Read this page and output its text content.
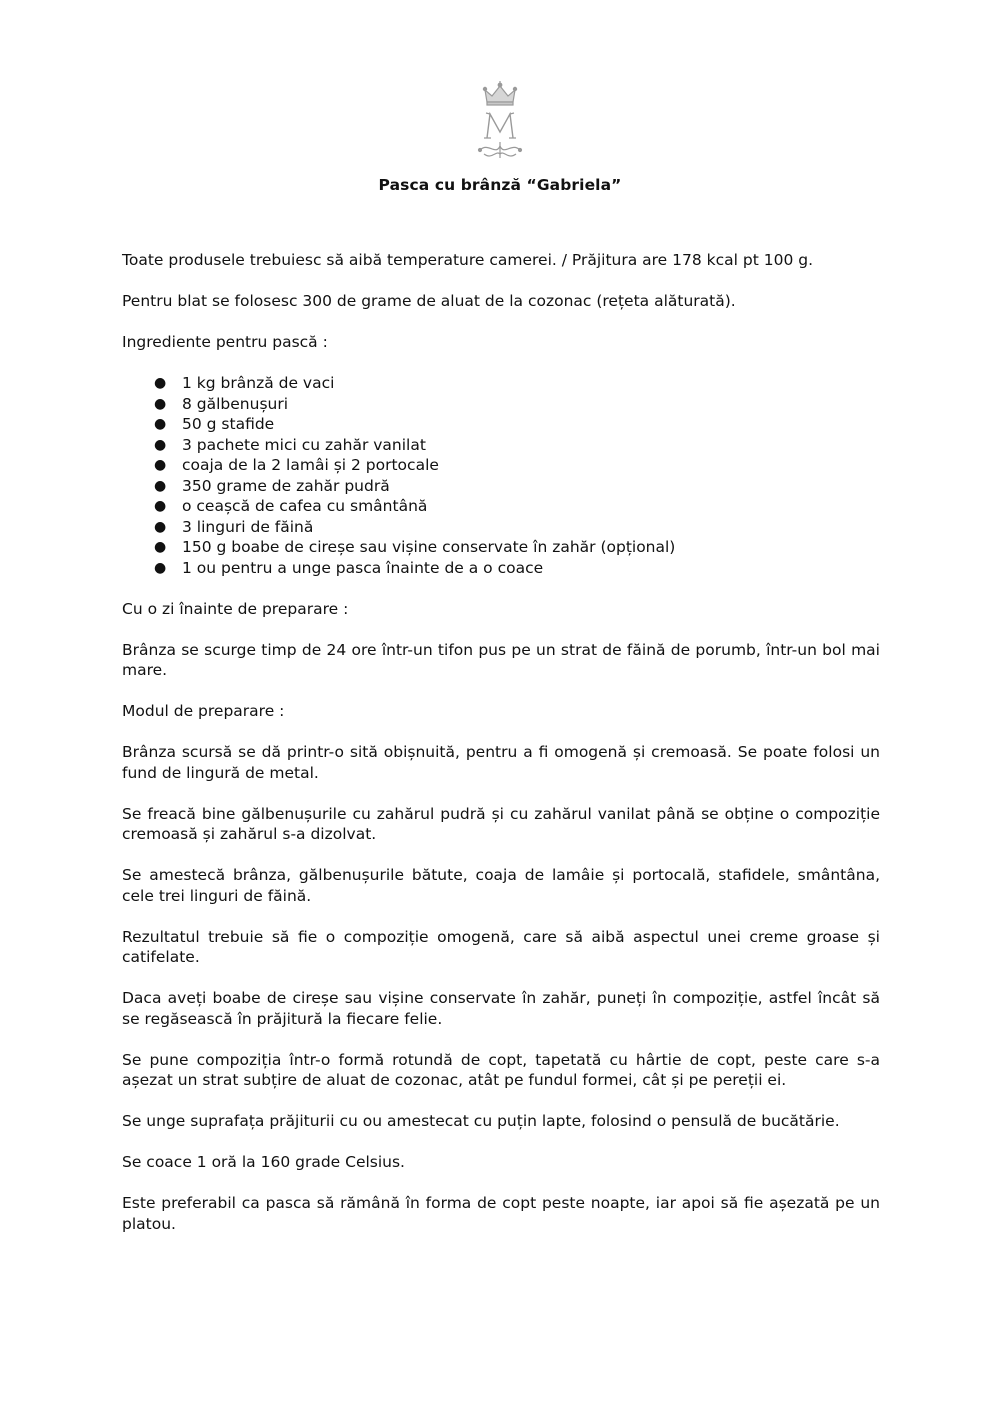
Pasca cu brânză “Gabriela”

Toate produsele trebuiesc să aibă temperature camerei. / Prăjitura are 178 kcal pt 100 g.

Pentru blat se folosesc 300 de grame de aluat de la cozonac (rețeta alăturată).

Ingrediente pentru pască :

● 1 kg brânză de vaci
● 8 gălbenușuri
● 50 g stafide
● 3 pachete mici cu zahăr vanilat
● coaja de la 2 lamâi și 2 portocale
● 350 grame de zahăr pudră
● o ceașcă de cafea cu smântână
● 3 linguri de făină
● 150 g boabe de cireșe sau vișine conservate în zahăr (opțional)
● 1 ou pentru a unge pasca înainte de a o coace

Cu o zi înainte de preparare :

Brânza se scurge timp de 24 ore într-un tifon pus pe un strat de făină de porumb, într-un bol mai mare.

Modul de preparare :

Brânza scursă se dă printr-o sită obișnuită, pentru a fi omogenă și cremoasă. Se poate folosi un fund de lingură de metal.

Se freacă bine gălbenușurile cu zahărul pudră și cu zahărul vanilat până se obține o compoziție cremoasă și zahărul s-a dizolvat.

Se amestecă brânza, gălbenușurile bătute, coaja de lamâie și portocală, stafidele, smântâna, cele trei linguri de făină.

Rezultatul trebuie să fie o compoziție omogenă, care să aibă aspectul unei creme groase și catifelate.

Daca aveți boabe de cireșe sau vișine conservate în zahăr, puneți în compoziție, astfel încât să se regăsească în prăjitură la fiecare felie.

Se pune compoziția într-o formă rotundă de copt, tapetată cu hârtie de copt, peste care s-a așezat un strat subțire de aluat de cozonac, atât pe fundul formei, cât și pe pereții ei.

Se unge suprafața prăjiturii cu ou amestecat cu puțin lapte, folosind o pensulă de bucătărie.

Se coace 1 oră la 160 grade Celsius.

Este preferabil ca pasca să rămână în forma de copt peste noapte, iar apoi să fie așezată pe un platou.
